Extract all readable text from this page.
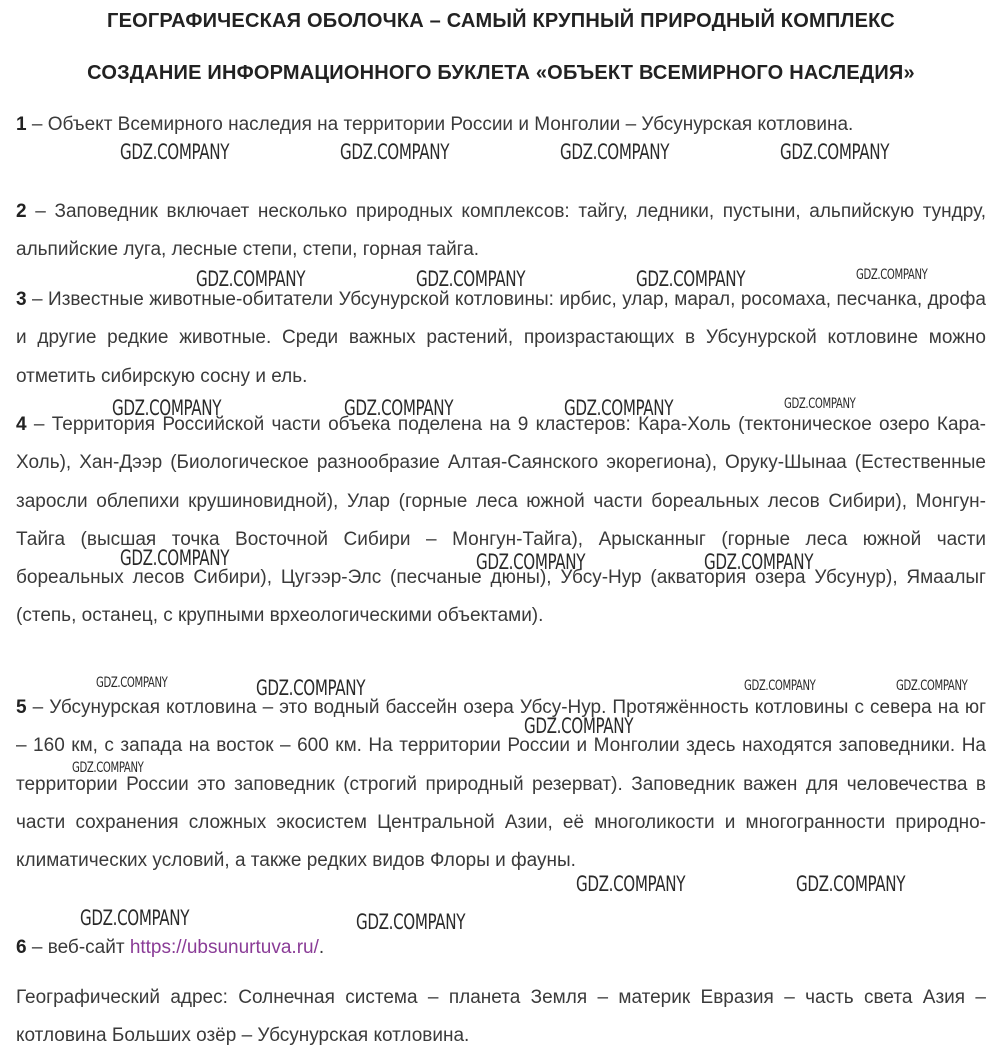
ГЕОГРАФИЧЕСКАЯ ОБОЛОЧКА – САМЫЙ КРУПНЫЙ ПРИРОДНЫЙ КОМПЛЕКС
СОЗДАНИЕ ИНФОРМАЦИОННОГО БУКЛЕТА «ОБЪЕКТ ВСЕМИРНОГО НАСЛЕДИЯ»

1 – Объект Всемирного наследия на территории России и Монголии – Убсунурская котловина.

2 – Заповедник включает несколько природных комплексов: тайгу, ледники, пустыни, альпийскую тундру, альпийские луга, лесные степи, степи, горная тайга.

3 – Известные животные-обитатели Убсунурской котловины: ирбис, улар, марал, росомаха, песчанка, дрофа и другие редкие животные. Среди важных растений, произрастающих в Убсунурской котловине можно отметить сибирскую сосну и ель.

4 – Территория Российской части объека поделена на 9 кластеров: Кара-Холь (тектоническое озеро Кара-Холь), Хан-Дээр (Биологическое разнообразие Алтая-Саянского экорегиона), Оруку-Шынаа (Естественные заросли облепихи крушиновидной), Улар (горные леса южной части бореальных лесов Сибири), Монгун-Тайга (высшая точка Восточной Сибири – Монгун-Тайга), Арысканныг (горные леса южной части бореальных лесов Сибири), Цугээр-Элс (песчаные дюны), Убсу-Нур (акватория озера Убсунур), Ямаалыг (степь, останец, с крупными врхеологическими объектами).

5 – Убсунурская котловина – это водный бассейн озера Убсу-Нур. Протяжённость котловины с севера на юг – 160 км, с запада на восток – 600 км. На территории России и Монголии здесь находятся заповедники. На территории России это заповедник (строгий природный резерват). Заповедник важен для человечества в части сохранения сложных экосистем Центральной Азии, её многоликости и многогранности природно-климатических условий, а также редких видов Флоры и фауны.

6 – веб-сайт https://ubsunurtuva.ru/.

Географический адрес: Солнечная система – планета Земля – материк Евразия – часть света Азия – котловина Больших озёр – Убсунурская котловина.

GDZ.COMPANY	GDZ.COMPANY	GDZ.COMPANY	GDZ.COMPANY
GDZ.COMPANY	GDZ.COMPANY	GDZ.COMPANY	GDZ.COMPANY
GDZ.COMPANY	GDZ.COMPANY	GDZ.COMPANY	GDZ.COMPANY
GDZ.COMPANY	GDZ.COMPANY	GDZ.COMPANY
GDZ.COMPANY	GDZ.COMPANY	GDZ.COMPANY	GDZ.COMPANY
GDZ.COMPANY
GDZ.COMPANY
GDZ.COMPANY	GDZ.COMPANY
GDZ.COMPANY	GDZ.COMPANY
